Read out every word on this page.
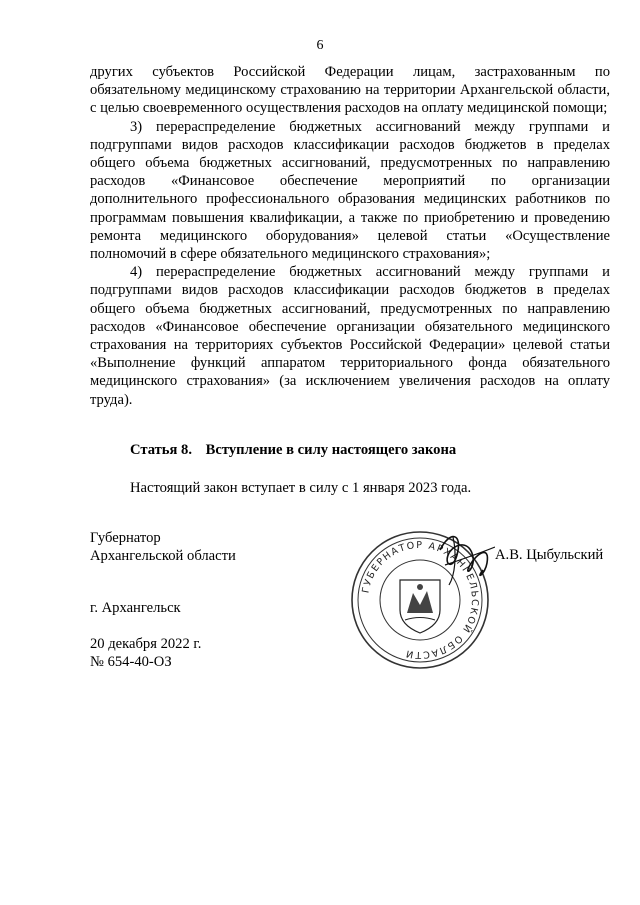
6

других субъектов Российской Федерации лицам, застрахованным по обязательному медицинскому страхованию на территории Архангельской области, с целью своевременного осуществления расходов на оплату медицинской помощи;

3) перераспределение бюджетных ассигнований между группами и подгруппами видов расходов классификации расходов бюджетов в пределах общего объема бюджетных ассигнований, предусмотренных по направлению расходов «Финансовое обеспечение мероприятий по организации дополнительного профессионального образования медицинских работников по программам повышения квалификации, а также по приобретению и проведению ремонта медицинского оборудования» целевой статьи «Осуществление полномочий в сфере обязательного медицинского страхования»;

4) перераспределение бюджетных ассигнований между группами и подгруппами видов расходов классификации расходов бюджетов в пределах общего объема бюджетных ассигнований, предусмотренных по направлению расходов «Финансовое обеспечение организации обязательного медицинского страхования на территориях субъектов Российской Федерации» целевой статьи «Выполнение функций аппаратом территориального фонда обязательного медицинского страхования» (за исключением увеличения расходов на оплату труда).

Статья 8. Вступление в силу настоящего закона
Настоящий закон вступает в силу с 1 января 2023 года.
Губернатор
Архангельской области	А.В. Цыбульский
ГУБЕРНАТОР АРХАНГЕЛЬСКОЙ ОБЛАСТИ
г. Архангельск
20 декабря 2022 г.
№ 654-40-ОЗ
